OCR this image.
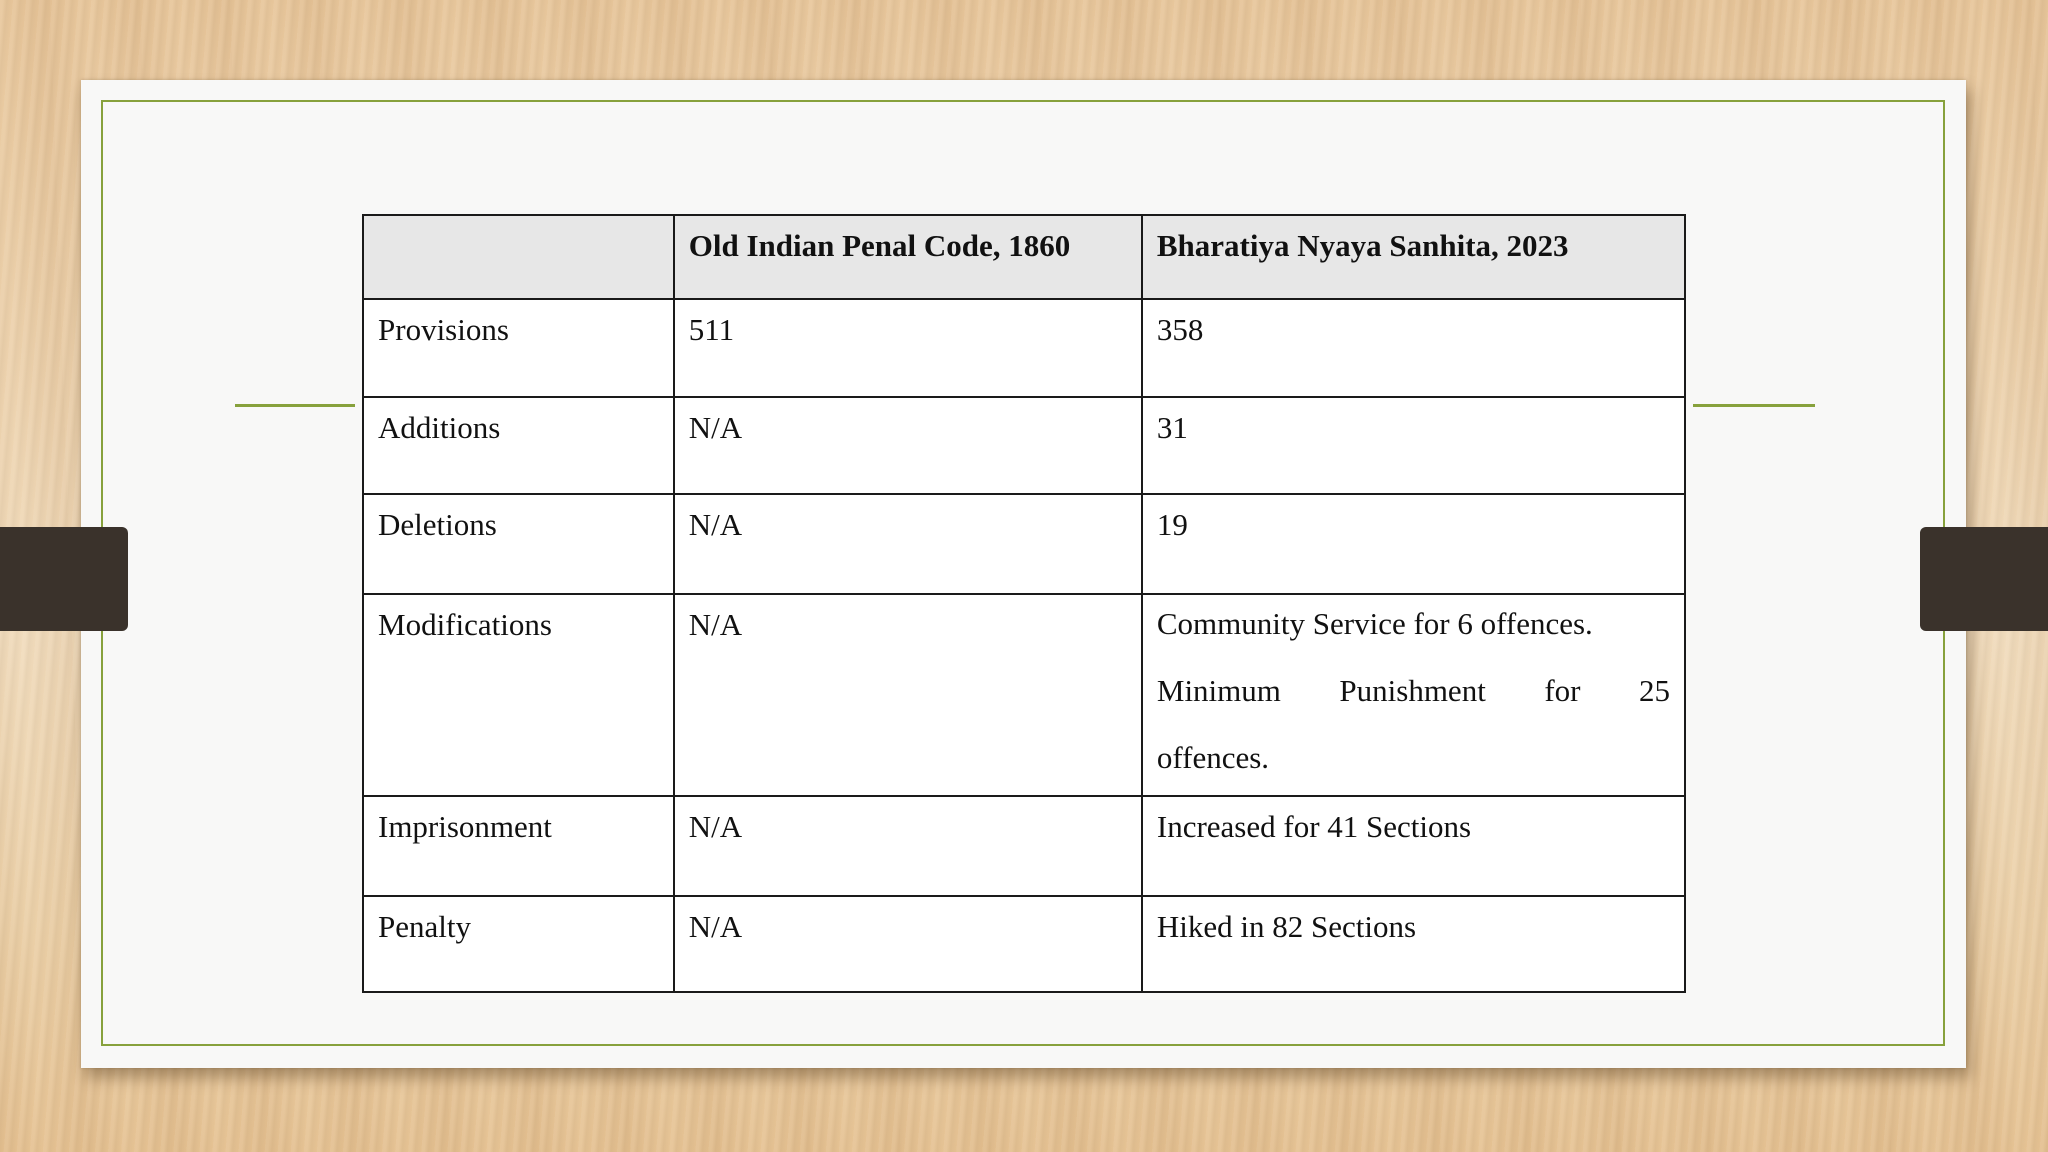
	Old Indian Penal Code, 1860	Bharatiya Nyaya Sanhita, 2023
Provisions	511	358
Additions	N/A	31
Deletions	N/A	19
Modifications	N/A	Community Service for 6 offences.

Minimum Punishment for 25

offences.

Imprisonment	N/A	Increased for 41 Sections
Penalty	N/A	Hiked in 82 Sections
